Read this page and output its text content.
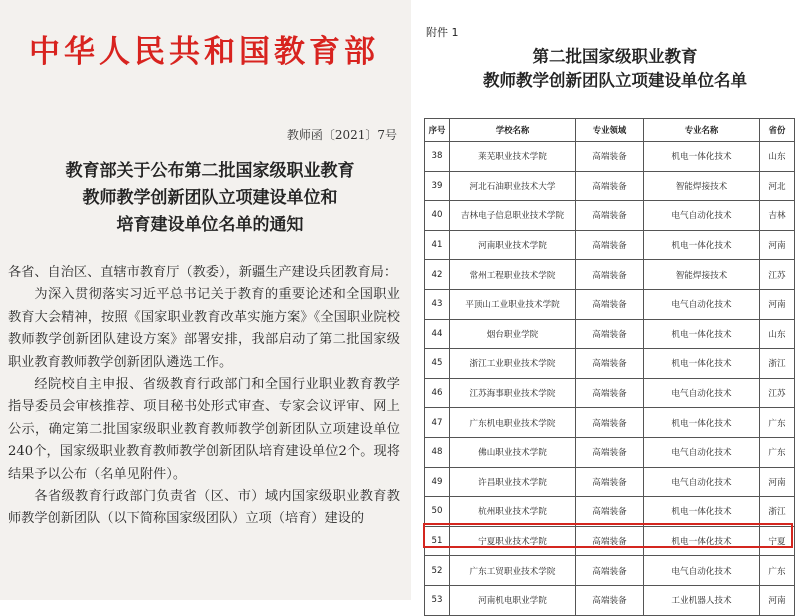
中华人民共和国教育部
教师函〔2021〕7号
教育部关于公布第二批国家级职业教育
教师教学创新团队立项建设单位和
培育建设单位名单的通知

各省、自治区、直辖市教育厅（教委），新疆生产建设兵团教育局：

为深入贯彻落实习近平总书记关于教育的重要论述和全国职业教育大会精神，按照《国家职业教育改革实施方案》《全国职业院校教师教学创新团队建设方案》部署安排，我部启动了第二批国家级职业教育教师教学创新团队遴选工作。

经院校自主申报、省级教育行政部门和全国行业职业教育教学指导委员会审核推荐、项目秘书处形式审查、专家会议评审、网上公示，确定第二批国家级职业教育教师教学创新团队立项建设单位240个，国家级职业教育教师教学创新团队培育建设单位2个。现将结果予以公布（名单见附件）。

各省级教育行政部门负责省（区、市）域内国家级职业教育教师教学创新团队（以下简称国家级团队）立项（培育）建设的

附件 1
第二批国家级职业教育
教师教学创新团队立项建设单位名单
序号	学校名称	专业领域	专业名称	省份
38	莱芜职业技术学院	高端装备	机电一体化技术	山东
39	河北石油职业技术大学	高端装备	智能焊接技术	河北
40	吉林电子信息职业技术学院	高端装备	电气自动化技术	吉林
41	河南职业技术学院	高端装备	机电一体化技术	河南
42	常州工程职业技术学院	高端装备	智能焊接技术	江苏
43	平顶山工业职业技术学院	高端装备	电气自动化技术	河南
44	烟台职业学院	高端装备	机电一体化技术	山东
45	浙江工业职业技术学院	高端装备	机电一体化技术	浙江
46	江苏海事职业技术学院	高端装备	电气自动化技术	江苏
47	广东机电职业技术学院	高端装备	机电一体化技术	广东
48	佛山职业技术学院	高端装备	电气自动化技术	广东
49	许昌职业技术学院	高端装备	电气自动化技术	河南
50	杭州职业技术学院	高端装备	机电一体化技术	浙江
51	宁夏职业技术学院	高端装备	机电一体化技术	宁夏
52	广东工贸职业技术学院	高端装备	电气自动化技术	广东
53	河南机电职业学院	高端装备	工业机器人技术	河南
